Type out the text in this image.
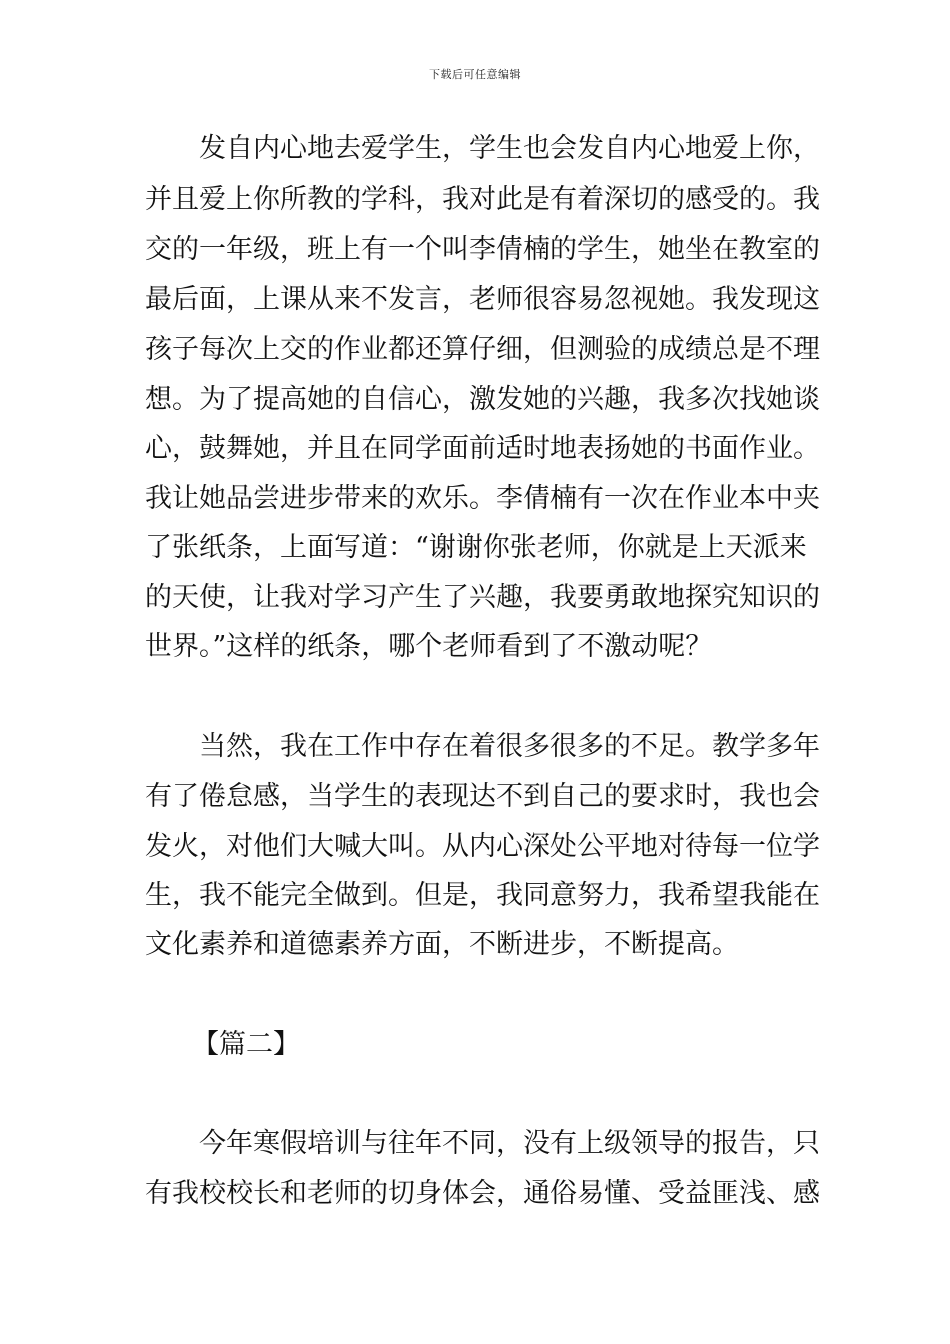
下载后可任意编辑
发自内心地去爱学生，学生也会发自内心地爱上你，
并且爱上你所教的学科，我对此是有着深切的感受的。我
交的一年级，班上有一个叫李倩楠的学生，她坐在教室的
最后面，上课从来不发言，老师很容易忽视她。我发现这
孩子每次上交的作业都还算仔细，但测验的成绩总是不理
想。为了提高她的自信心，激发她的兴趣，我多次找她谈
心，鼓舞她，并且在同学面前适时地表扬她的书面作业。
我让她品尝进步带来的欢乐。李倩楠有一次在作业本中夹
了张纸条，上面写道：“谢谢你张老师，你就是上天派来
的天使，让我对学习产生了兴趣，我要勇敢地探究知识的
世界。”这样的纸条，哪个老师看到了不激动呢？
当然，我在工作中存在着很多很多的不足。教学多年
有了倦怠感，当学生的表现达不到自己的要求时，我也会
发火，对他们大喊大叫。从内心深处公平地对待每一位学
生，我不能完全做到。但是，我同意努力，我希望我能在
文化素养和道德素养方面，不断进步，不断提高。
【篇二】
今年寒假培训与往年不同，没有上级领导的报告，只
有我校校长和老师的切身体会，通俗易懂、受益匪浅、感
